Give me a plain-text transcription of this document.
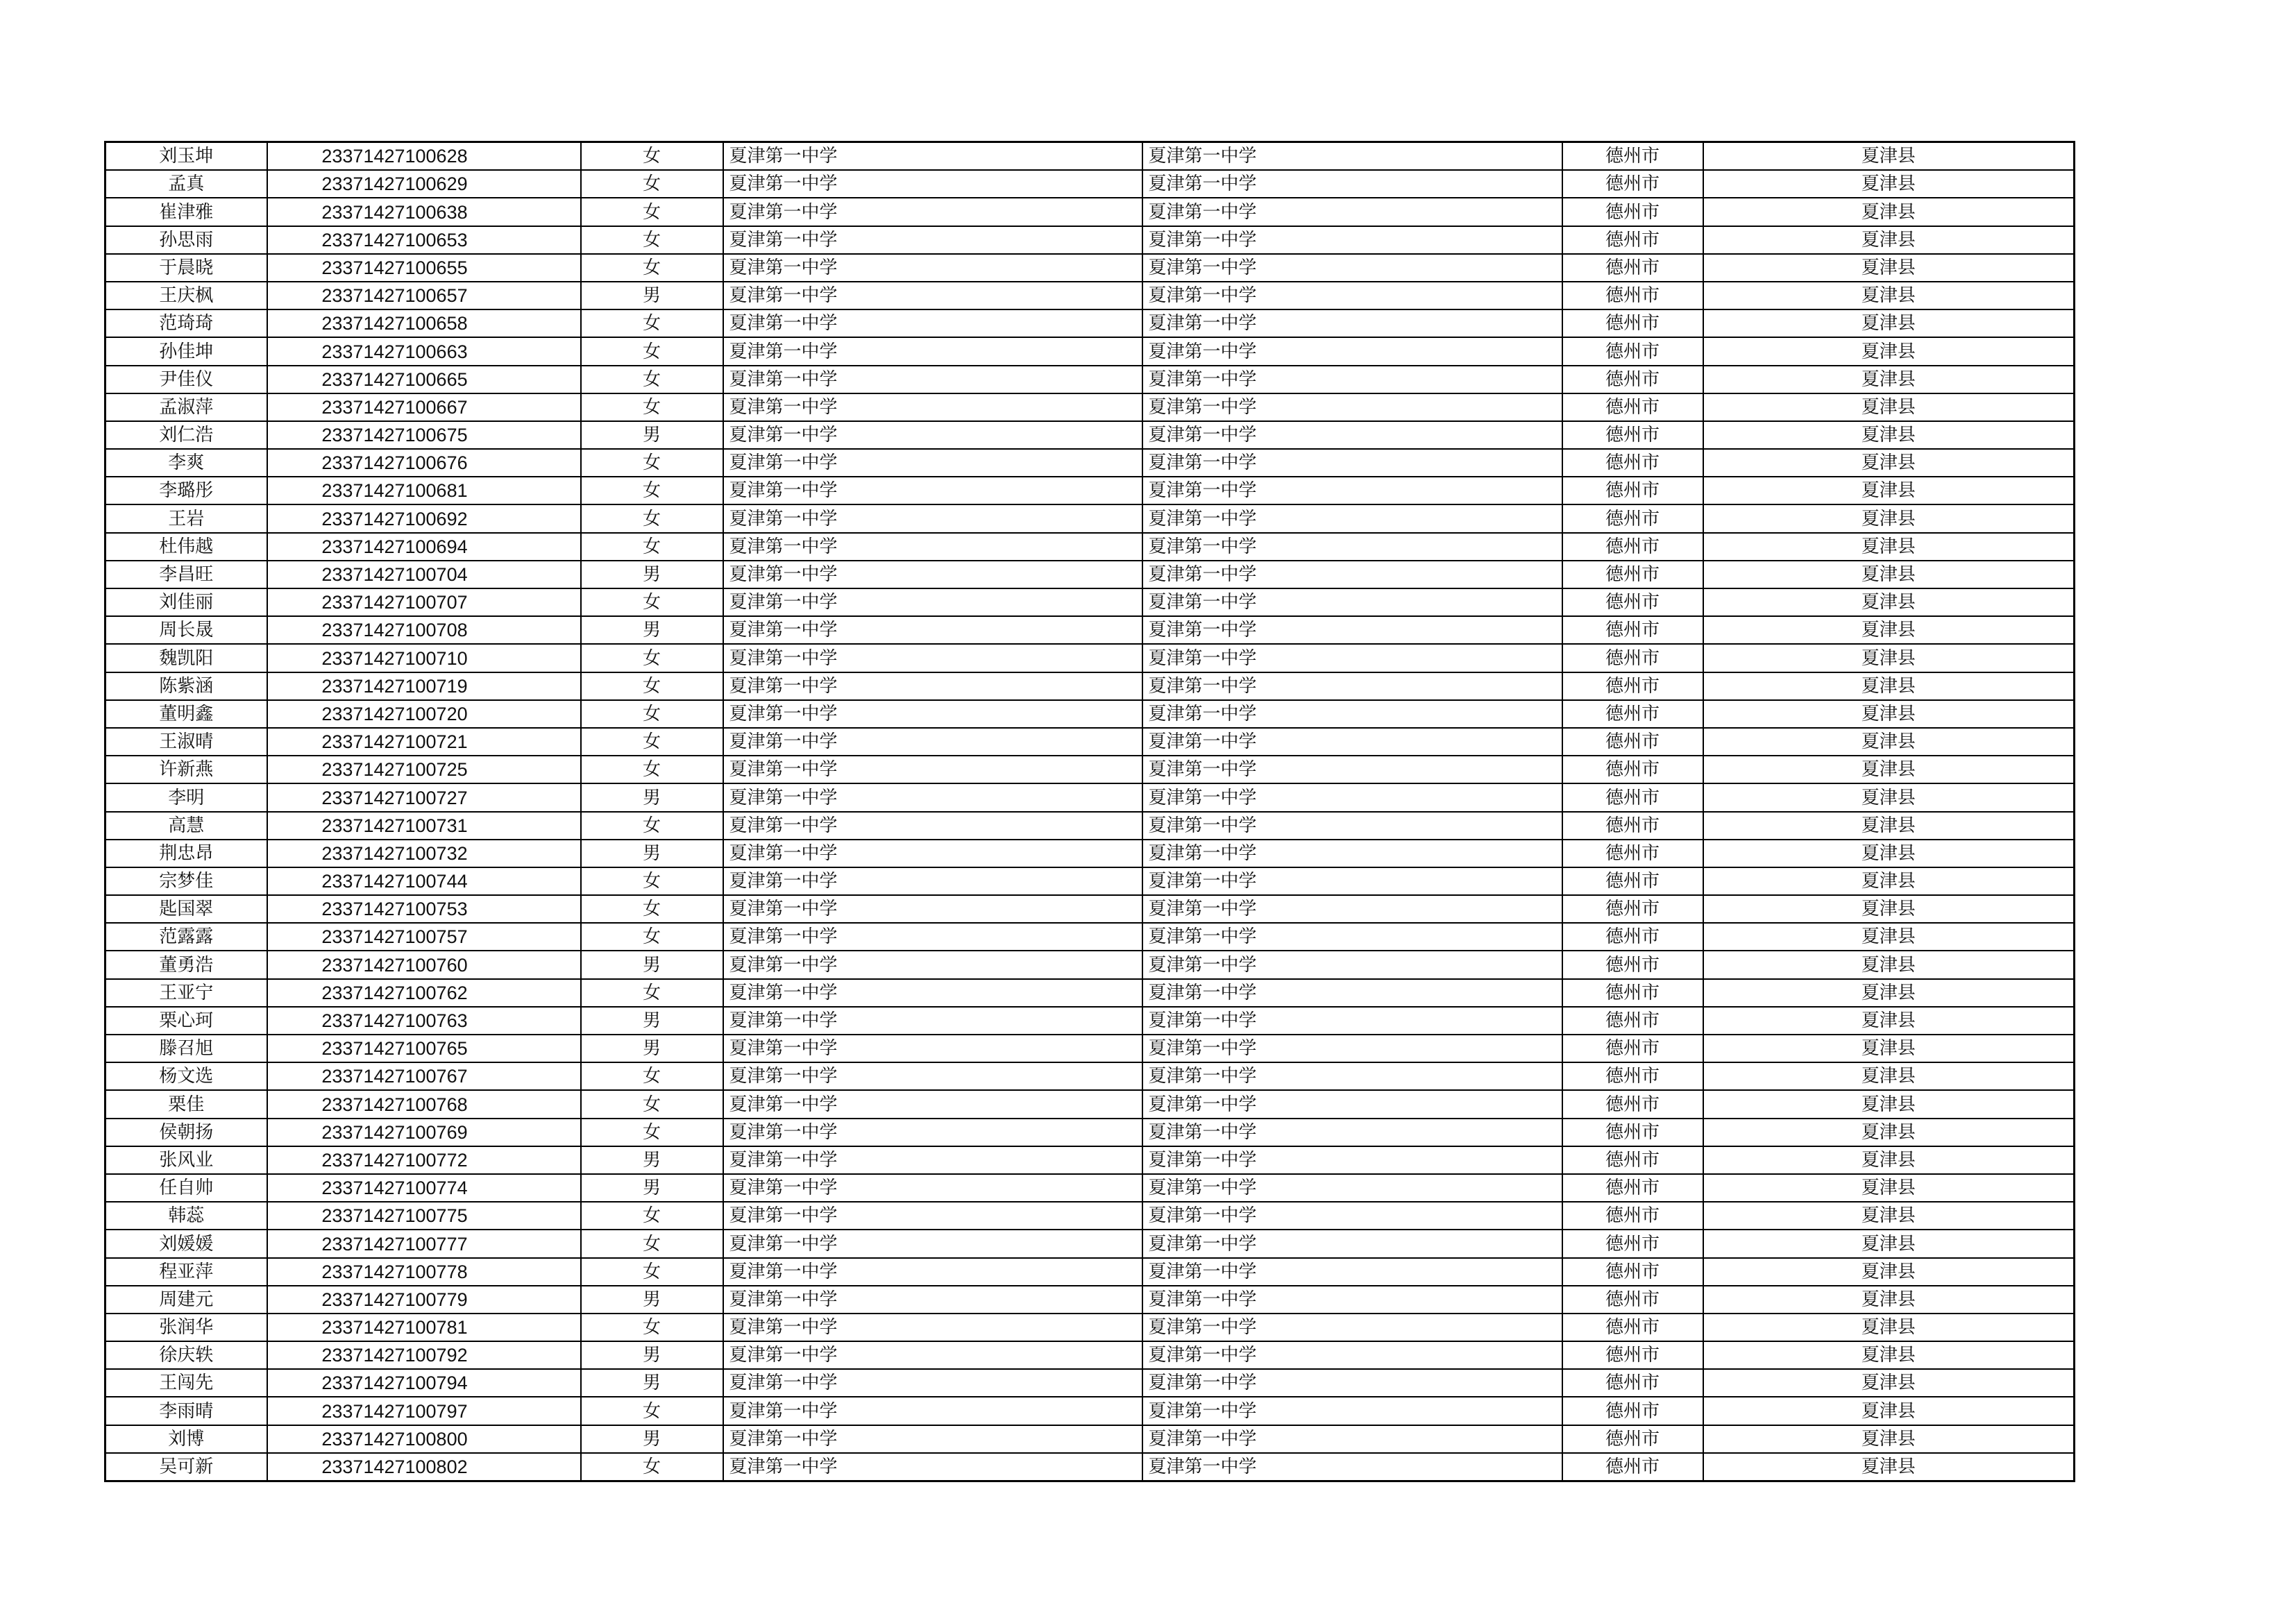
刘玉坤	23371427100628	女	夏津第一中学	夏津第一中学	德州市	夏津县
孟真	23371427100629	女	夏津第一中学	夏津第一中学	德州市	夏津县
崔津雅	23371427100638	女	夏津第一中学	夏津第一中学	德州市	夏津县
孙思雨	23371427100653	女	夏津第一中学	夏津第一中学	德州市	夏津县
于晨晓	23371427100655	女	夏津第一中学	夏津第一中学	德州市	夏津县
王庆枫	23371427100657	男	夏津第一中学	夏津第一中学	德州市	夏津县
范琦琦	23371427100658	女	夏津第一中学	夏津第一中学	德州市	夏津县
孙佳坤	23371427100663	女	夏津第一中学	夏津第一中学	德州市	夏津县
尹佳仪	23371427100665	女	夏津第一中学	夏津第一中学	德州市	夏津县
孟淑萍	23371427100667	女	夏津第一中学	夏津第一中学	德州市	夏津县
刘仁浩	23371427100675	男	夏津第一中学	夏津第一中学	德州市	夏津县
李爽	23371427100676	女	夏津第一中学	夏津第一中学	德州市	夏津县
李璐彤	23371427100681	女	夏津第一中学	夏津第一中学	德州市	夏津县
王岩	23371427100692	女	夏津第一中学	夏津第一中学	德州市	夏津县
杜伟越	23371427100694	女	夏津第一中学	夏津第一中学	德州市	夏津县
李昌旺	23371427100704	男	夏津第一中学	夏津第一中学	德州市	夏津县
刘佳丽	23371427100707	女	夏津第一中学	夏津第一中学	德州市	夏津县
周长晟	23371427100708	男	夏津第一中学	夏津第一中学	德州市	夏津县
魏凯阳	23371427100710	女	夏津第一中学	夏津第一中学	德州市	夏津县
陈紫涵	23371427100719	女	夏津第一中学	夏津第一中学	德州市	夏津县
董明鑫	23371427100720	女	夏津第一中学	夏津第一中学	德州市	夏津县
王淑晴	23371427100721	女	夏津第一中学	夏津第一中学	德州市	夏津县
许新燕	23371427100725	女	夏津第一中学	夏津第一中学	德州市	夏津县
李明	23371427100727	男	夏津第一中学	夏津第一中学	德州市	夏津县
高慧	23371427100731	女	夏津第一中学	夏津第一中学	德州市	夏津县
荆忠昂	23371427100732	男	夏津第一中学	夏津第一中学	德州市	夏津县
宗梦佳	23371427100744	女	夏津第一中学	夏津第一中学	德州市	夏津县
匙国翠	23371427100753	女	夏津第一中学	夏津第一中学	德州市	夏津县
范露露	23371427100757	女	夏津第一中学	夏津第一中学	德州市	夏津县
董勇浩	23371427100760	男	夏津第一中学	夏津第一中学	德州市	夏津县
王亚宁	23371427100762	女	夏津第一中学	夏津第一中学	德州市	夏津县
栗心珂	23371427100763	男	夏津第一中学	夏津第一中学	德州市	夏津县
滕召旭	23371427100765	男	夏津第一中学	夏津第一中学	德州市	夏津县
杨文选	23371427100767	女	夏津第一中学	夏津第一中学	德州市	夏津县
栗佳	23371427100768	女	夏津第一中学	夏津第一中学	德州市	夏津县
侯朝扬	23371427100769	女	夏津第一中学	夏津第一中学	德州市	夏津县
张风业	23371427100772	男	夏津第一中学	夏津第一中学	德州市	夏津县
任自帅	23371427100774	男	夏津第一中学	夏津第一中学	德州市	夏津县
韩蕊	23371427100775	女	夏津第一中学	夏津第一中学	德州市	夏津县
刘媛媛	23371427100777	女	夏津第一中学	夏津第一中学	德州市	夏津县
程亚萍	23371427100778	女	夏津第一中学	夏津第一中学	德州市	夏津县
周建元	23371427100779	男	夏津第一中学	夏津第一中学	德州市	夏津县
张润华	23371427100781	女	夏津第一中学	夏津第一中学	德州市	夏津县
徐庆轶	23371427100792	男	夏津第一中学	夏津第一中学	德州市	夏津县
王闯先	23371427100794	男	夏津第一中学	夏津第一中学	德州市	夏津县
李雨晴	23371427100797	女	夏津第一中学	夏津第一中学	德州市	夏津县
刘博	23371427100800	男	夏津第一中学	夏津第一中学	德州市	夏津县
吴可新	23371427100802	女	夏津第一中学	夏津第一中学	德州市	夏津县
